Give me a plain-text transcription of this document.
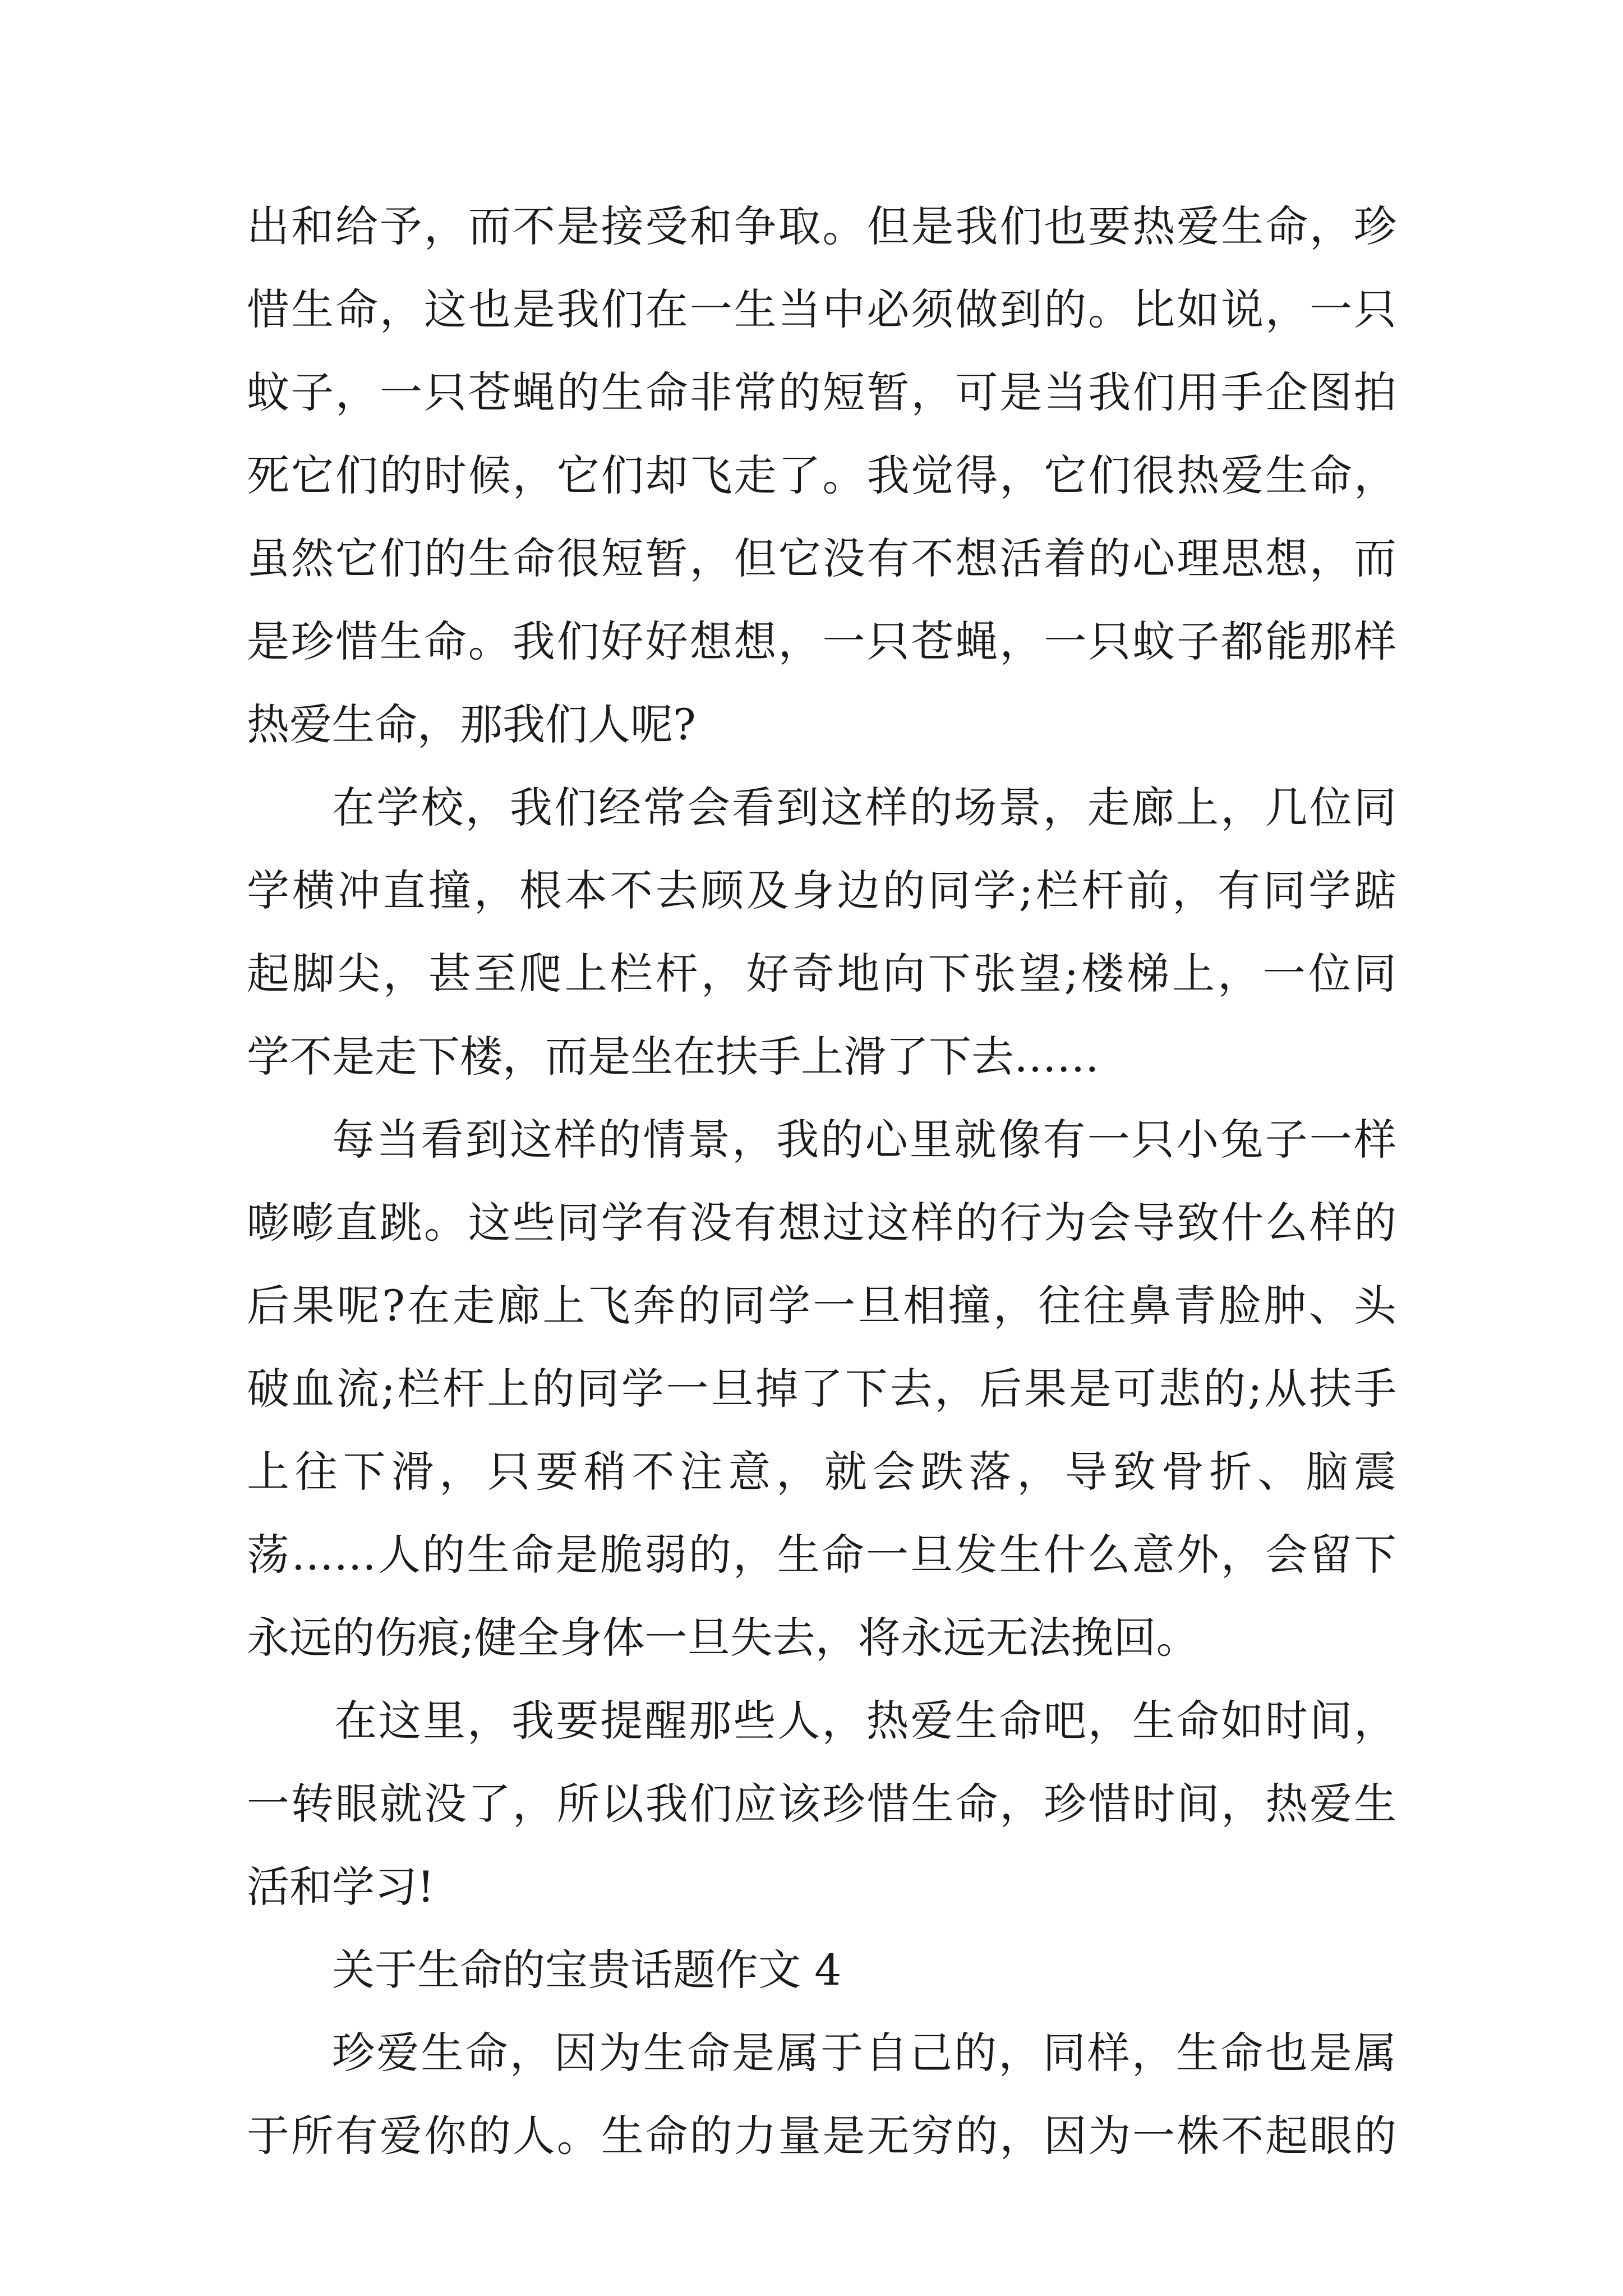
出和给予，而不是接受和争取。但是我们也要热爱生命，珍
惜生命，这也是我们在一生当中必须做到的。比如说，一只
蚊子，一只苍蝇的生命非常的短暂，可是当我们用手企图拍
死它们的时候，它们却飞走了。我觉得，它们很热爱生命，
虽然它们的生命很短暂，但它没有不想活着的心理思想，而
是珍惜生命。我们好好想想，一只苍蝇，一只蚊子都能那样
热爱生命，那我们人呢?
在学校，我们经常会看到这样的场景，走廊上，几位同
学横冲直撞，根本不去顾及身边的同学;栏杆前，有同学踮
起脚尖，甚至爬上栏杆，好奇地向下张望;楼梯上，一位同
学不是走下楼，而是坐在扶手上滑了下去……
每当看到这样的情景，我的心里就像有一只小兔子一样
嘭嘭直跳。这些同学有没有想过这样的行为会导致什么样的
后果呢?在走廊上飞奔的同学一旦相撞，往往鼻青脸肿、头
破血流;栏杆上的同学一旦掉了下去，后果是可悲的;从扶手
上往下滑，只要稍不注意，就会跌落，导致骨折、脑震
荡……人的生命是脆弱的，生命一旦发生什么意外，会留下
永远的伤痕;健全身体一旦失去，将永远无法挽回。
在这里，我要提醒那些人，热爱生命吧，生命如时间，
一转眼就没了，所以我们应该珍惜生命，珍惜时间，热爱生
活和学习!
关于生命的宝贵话题作文 4
珍爱生命，因为生命是属于自己的，同样，生命也是属
于所有爱你的人。生命的力量是无穷的，因为一株不起眼的
